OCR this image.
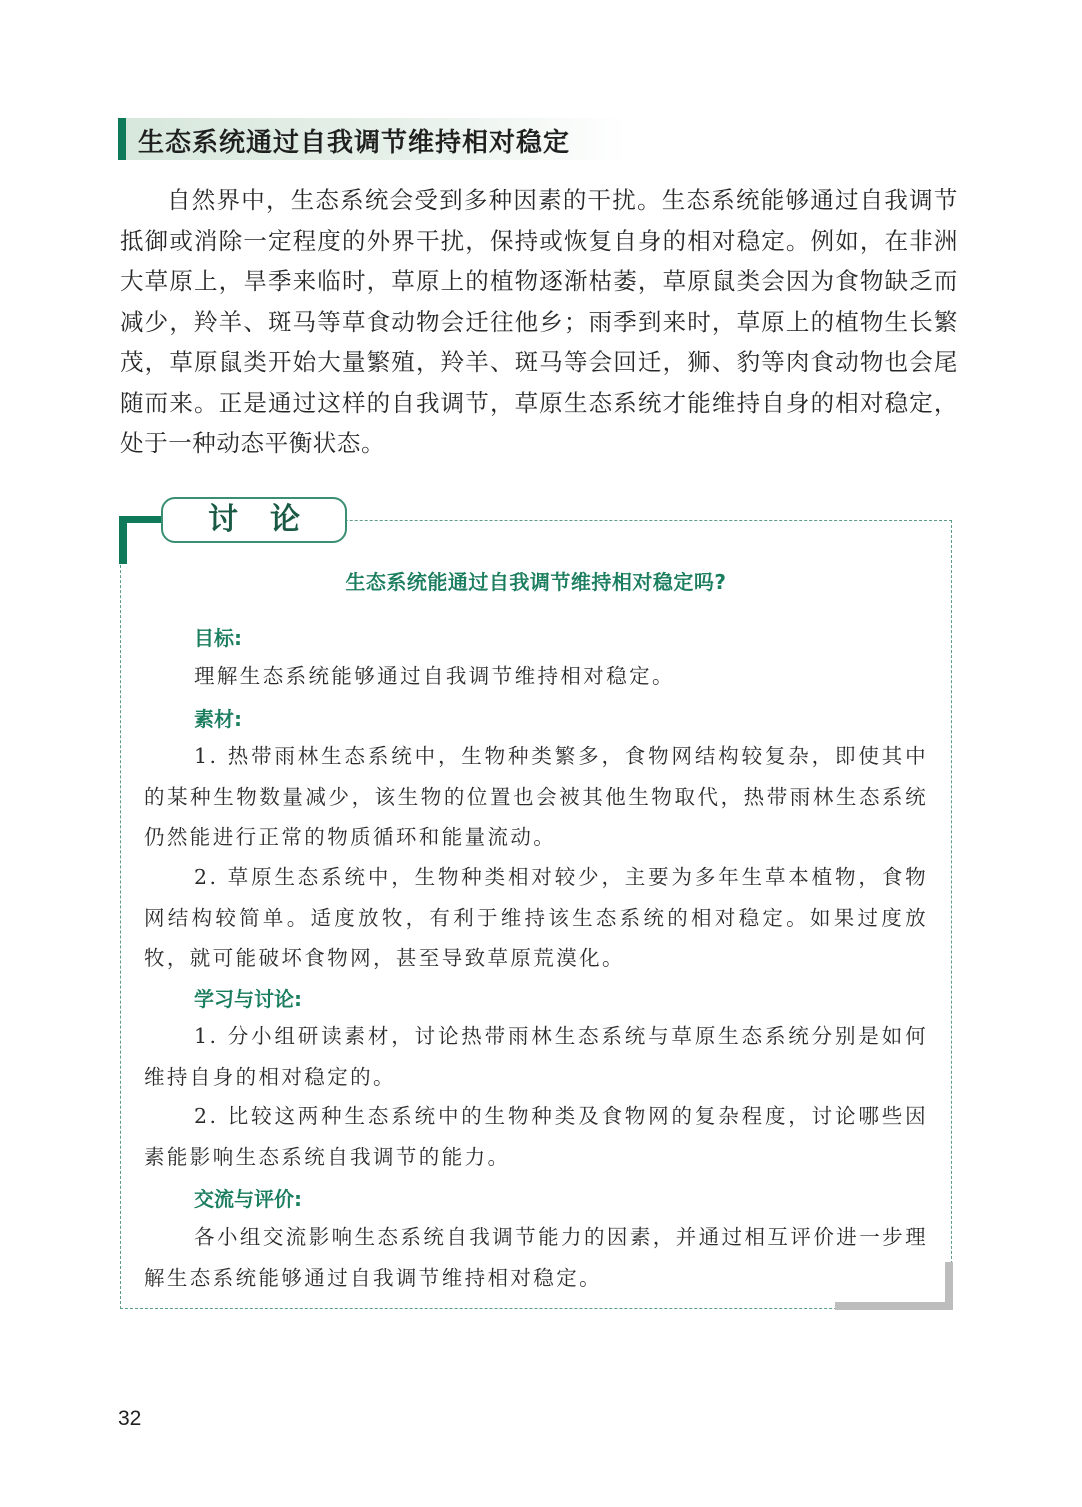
生态系统通过自我调节维持相对稳定

自然界中，生态系统会受到多种因素的干扰。生态系统能够通过自我调节抵御或消除一定程度的外界干扰，保持或恢复自身的相对稳定。例如，在非洲大草原上，旱季来临时，草原上的植物逐渐枯萎，草原鼠类会因为食物缺乏而减少，羚羊、斑马等草食动物会迁往他乡；雨季到来时，草原上的植物生长繁茂，草原鼠类开始大量繁殖，羚羊、斑马等会回迁，狮、豹等肉食动物也会尾随而来。正是通过这样的自我调节，草原生态系统才能维持自身的相对稳定，处于一种动态平衡状态。

讨论
生态系统能通过自我调节维持相对稳定吗?
目标:

理解生态系统能够通过自我调节维持相对稳定。

素材:

1. 热带雨林生态系统中，生物种类繁多，食物网结构较复杂，即使其中的某种生物数量减少，该生物的位置也会被其他生物取代，热带雨林生态系统仍然能进行正常的物质循环和能量流动。

2. 草原生态系统中，生物种类相对较少，主要为多年生草本植物，食物网结构较简单。适度放牧，有利于维持该生态系统的相对稳定。如果过度放牧，就可能破坏食物网，甚至导致草原荒漠化。

学习与讨论:

1. 分小组研读素材，讨论热带雨林生态系统与草原生态系统分别是如何维持自身的相对稳定的。

2. 比较这两种生态系统中的生物种类及食物网的复杂程度，讨论哪些因素能影响生态系统自我调节的能力。

交流与评价:

各小组交流影响生态系统自我调节能力的因素，并通过相互评价进一步理解生态系统能够通过自我调节维持相对稳定。

32
